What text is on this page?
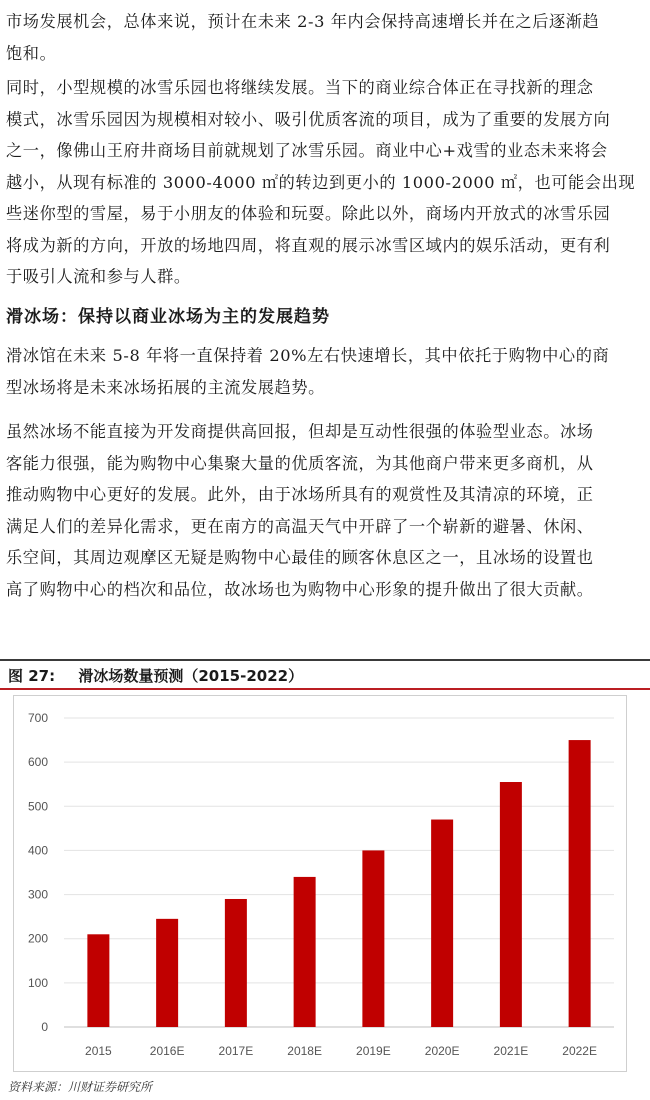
市场发展机会，总体来说，预计在未来 2-3 年内会保持高速增长并在之后逐渐趋
饱和。
同时，小型规模的冰雪乐园也将继续发展。当下的商业综合体正在寻找新的理念
模式，冰雪乐园因为规模相对较小、吸引优质客流的项目，成为了重要的发展方向
之一，像佛山王府井商场目前就规划了冰雪乐园。商业中心+戏雪的业态未来将会
越小，从现有标准的 3000-4000 ㎡的转边到更小的 1000-2000 ㎡，也可能会出现
些迷你型的雪屋，易于小朋友的体验和玩耍。除此以外，商场内开放式的冰雪乐园
将成为新的方向，开放的场地四周，将直观的展示冰雪区域内的娱乐活动，更有利
于吸引人流和参与人群。
滑冰场：保持以商业冰场为主的发展趋势
滑冰馆在未来 5-8 年将一直保持着 20%左右快速增长，其中依托于购物中心的商
型冰场将是未来冰场拓展的主流发展趋势。
虽然冰场不能直接为开发商提供高回报，但却是互动性很强的体验型业态。冰场
客能力很强，能为购物中心集聚大量的优质客流，为其他商户带来更多商机，从
推动购物中心更好的发展。此外，由于冰场所具有的观赏性及其清凉的环境，正
满足人们的差异化需求，更在南方的高温天气中开辟了一个崭新的避暑、休闲、
乐空间，其周边观摩区无疑是购物中心最佳的顾客休息区之一，且冰场的设置也
高了购物中心的档次和品位，故冰场也为购物中心形象的提升做出了很大贡献。
图 27: 滑冰场数量预测（2015-2022）
0
100
200
300
400
500
600
700
2015	2016E	2017E	2018E	2019E	2020E	2021E	2022E
资料来源：川财证券研究所
